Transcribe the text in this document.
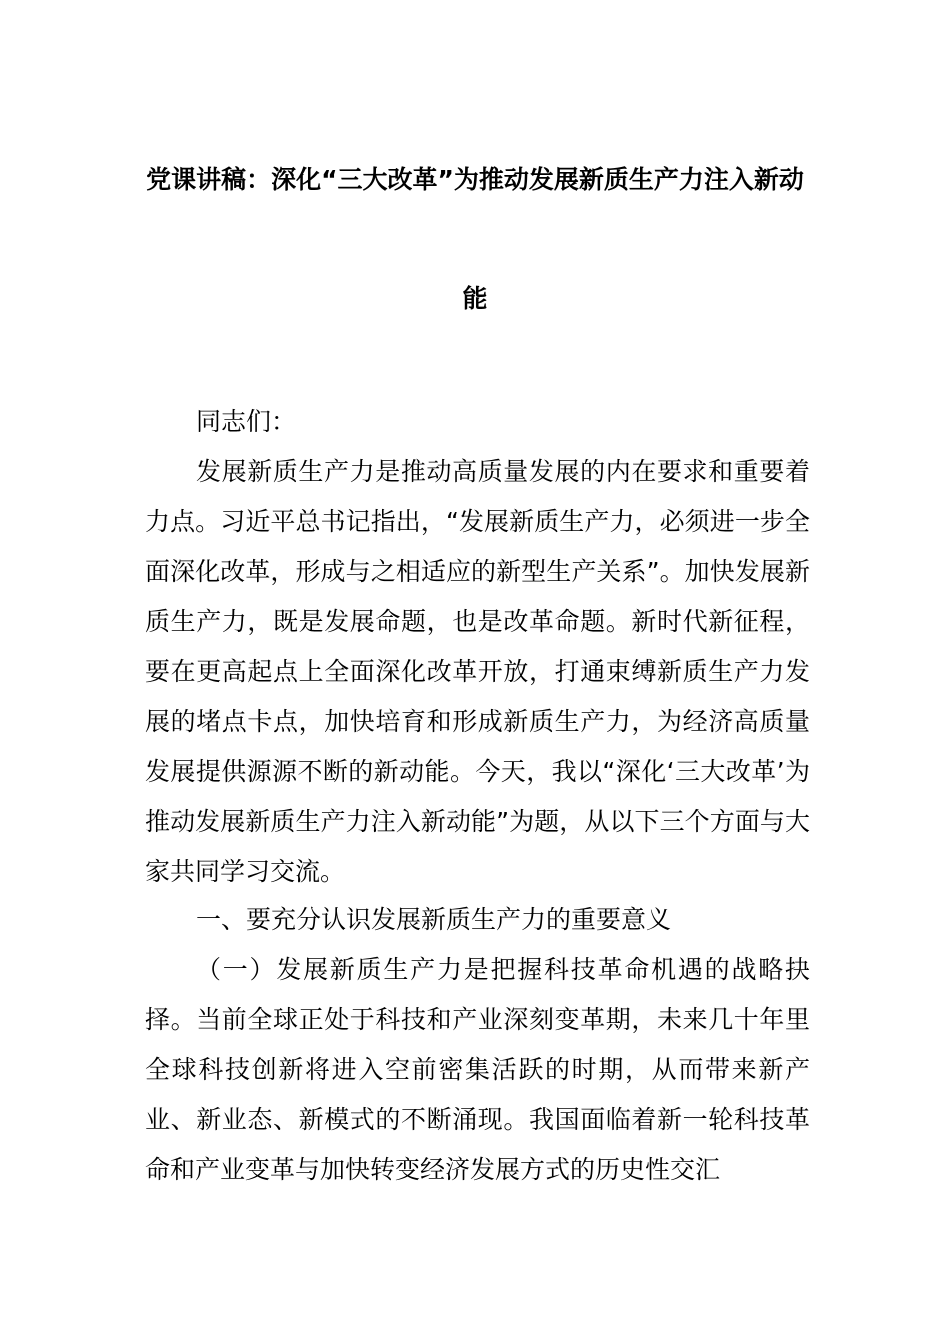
党课讲稿：深化“三大改革”为推动发展新质生产力注入新动
能
同志们：
发展新质生产力是推动高质量发展的内在要求和重要着力点。习近平总书记指出，“发展新质生产力，必须进一步全面深化改革，形成与之相适应的新型生产关系”。加快发展新质生产力，既是发展命题，也是改革命题。新时代新征程，要在更高起点上全面深化改革开放，打通束缚新质生产力发展的堵点卡点，加快培育和形成新质生产力，为经济高质量发展提供源源不断的新动能。今天，我以“深化‘三大改革’为推动发展新质生产力注入新动能”为题，从以下三个方面与大家共同学习交流。
一、要充分认识发展新质生产力的重要意义
（一）发展新质生产力是把握科技革命机遇的战略抉择。当前全球正处于科技和产业深刻变革期，未来几十年里全球科技创新将进入空前密集活跃的时期，从而带来新产业、新业态、新模式的不断涌现。我国面临着新一轮科技革命和产业变革与加快转变经济发展方式的历史性交汇
